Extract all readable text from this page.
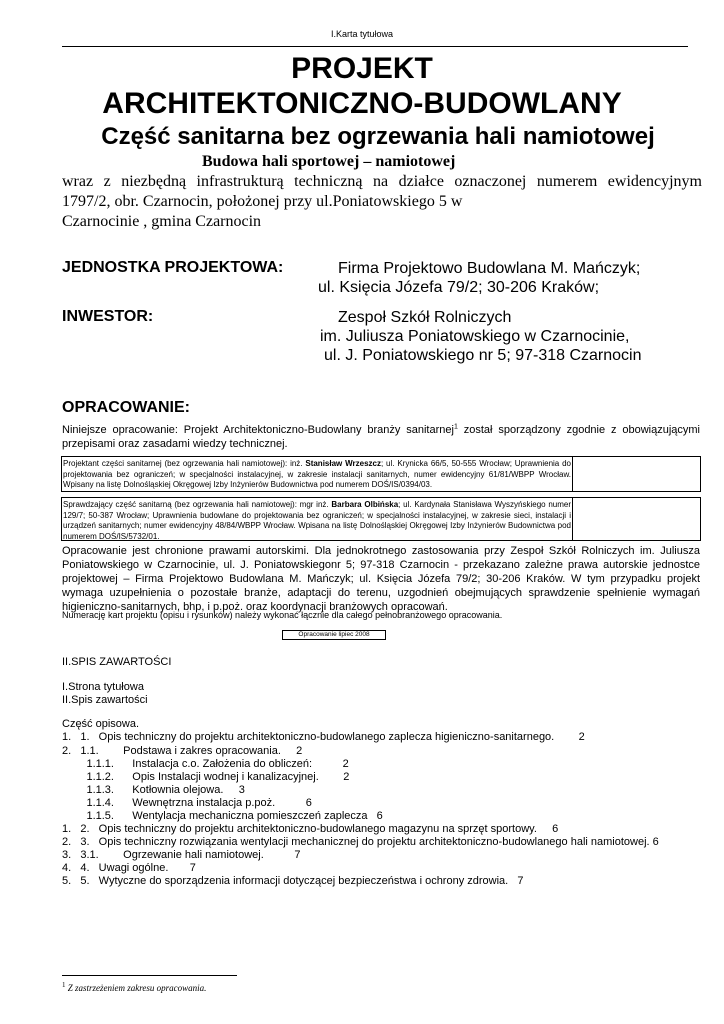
I.Karta tytułowa
PROJEKT
ARCHITEKTONICZNO-BUDOWLANY
Część sanitarna bez ogrzewania hali namiotowej
Budowa hali sportowej – namiotowej
wraz z niezbędną infrastrukturą techniczną na działce oznaczonej numerem ewidencyjnym
1797/2, obr. Czarnocin, położonej przy ul.Poniatowskiego 5 w
Czarnocinie , gmina Czarnocin
JEDNOSTKA PROJEKTOWA:	Firma Projektowo Budowlana M. Mańczyk;
ul. Księcia Józefa 79/2; 30-206 Kraków;
INWESTOR:	Zespoł Szkół Rolniczych
im. Juliusza Poniatowskiego w Czarnocinie,
ul. J. Poniatowskiego nr 5; 97-318 Czarnocin
OPRACOWANIE:
Niniejsze opracowanie: Projekt Architektoniczno-Budowlany branży sanitarnej$^1$ został sporządzony zgodnie z obowiązującymi przepisami oraz zasadami wiedzy technicznej.
Projektant części sanitarnej (bez ogrzewania hali namiotowej): inż. Stanisław Wrzeszcz; ul. Krynicka 66/5, 50-555 Wrocław; Uprawnienia do projektowania bez ograniczeń; w specjalności instalacyjnej, w zakresie instalacji sanitarnych, numer ewidencyjny 61/81/WBPP Wrocław. Wpisany na listę Dolnośląskiej Okręgowej Izby Inżynierów Budownictwa pod numerem DOŚ/IS/0394/03.
Sprawdzający część sanitarną (bez ogrzewania hali namiotowej): mgr inż. Barbara Olbińska; ul. Kardynała Stanisława Wyszyńskiego numer 129/7; 50-387 Wrocław; Uprawnienia budowlane do projektowania bez ograniczeń; w specjalności instalacyjnej, w zakresie sieci, instalacji i urządzeń sanitarnych; numer ewidencyjny 48/84/WBPP Wrocław. Wpisana na listę Dolnośląskiej Okręgowej Izby Inżynierów Budownictwa pod numerem DOŚ/IS/5732/01.
Opracowanie jest chronione prawami autorskimi. Dla jednokrotnego zastosowania przy Zespoł Szkół Rolniczych im. Juliusza Poniatowskiego w Czarnocinie, ul. J. Poniatowskiegonr 5; 97-318 Czarnocin - przekazano zależne prawa autorskie jednostce projektowej – Firma Projektowo Budowlana M. Mańczyk; ul. Księcia Józefa 79/2; 30-206 Kraków. W tym przypadku projekt wymaga uzupełnienia o pozostałe branże, adaptacji do terenu, uzgodnień obejmujących sprawdzenie spełnienie wymagań higieniczno-sanitarnych, bhp, i p.poż. oraz koordynacji branżowych opracowań.
Numerację kart projektu (opisu i rysunków) należy wykonać łącznie dla całego pełnobranżowego opracowania.
Opracowanie lipiec 2008
II.SPIS ZAWARTOŚCI
I.Strona tytułowa
II.Spis zawartości
Część opisowa.
1.   1.   Opis techniczny do projektu architektoniczno-budowlanego zaplecza higieniczno-sanitarnego.        2
2.   1.1.        Podstawa i zakres opracowania.     2
1.1.1.      Instalacja c.o. Założenia do obliczeń:          2
1.1.2.      Opis Instalacji wodnej i kanalizacyjnej.        2
1.1.3.      Kotłownia olejowa.     3
1.1.4.      Wewnętrzna instalacja p.poż.          6
1.1.5.      Wentylacja mechaniczna pomieszczeń zaplecza   6
1.   2.   Opis techniczny do projektu architektoniczno-budowlanego magazynu na sprzęt sportowy.     6
2.   3.   Opis techniczny rozwiązania wentylacji mechanicznej do projektu architektoniczno-budowlanego hali namiotowej. 6
3.   3.1.        Ogrzewanie hali namiotowej.          7
4.   4.   Uwagi ogólne.       7
5.   5.   Wytyczne do sporządzenia informacji dotyczącej bezpieczeństwa i ochrony zdrowia.   7
$^1$ Z zastrzeżeniem zakresu opracowania.
